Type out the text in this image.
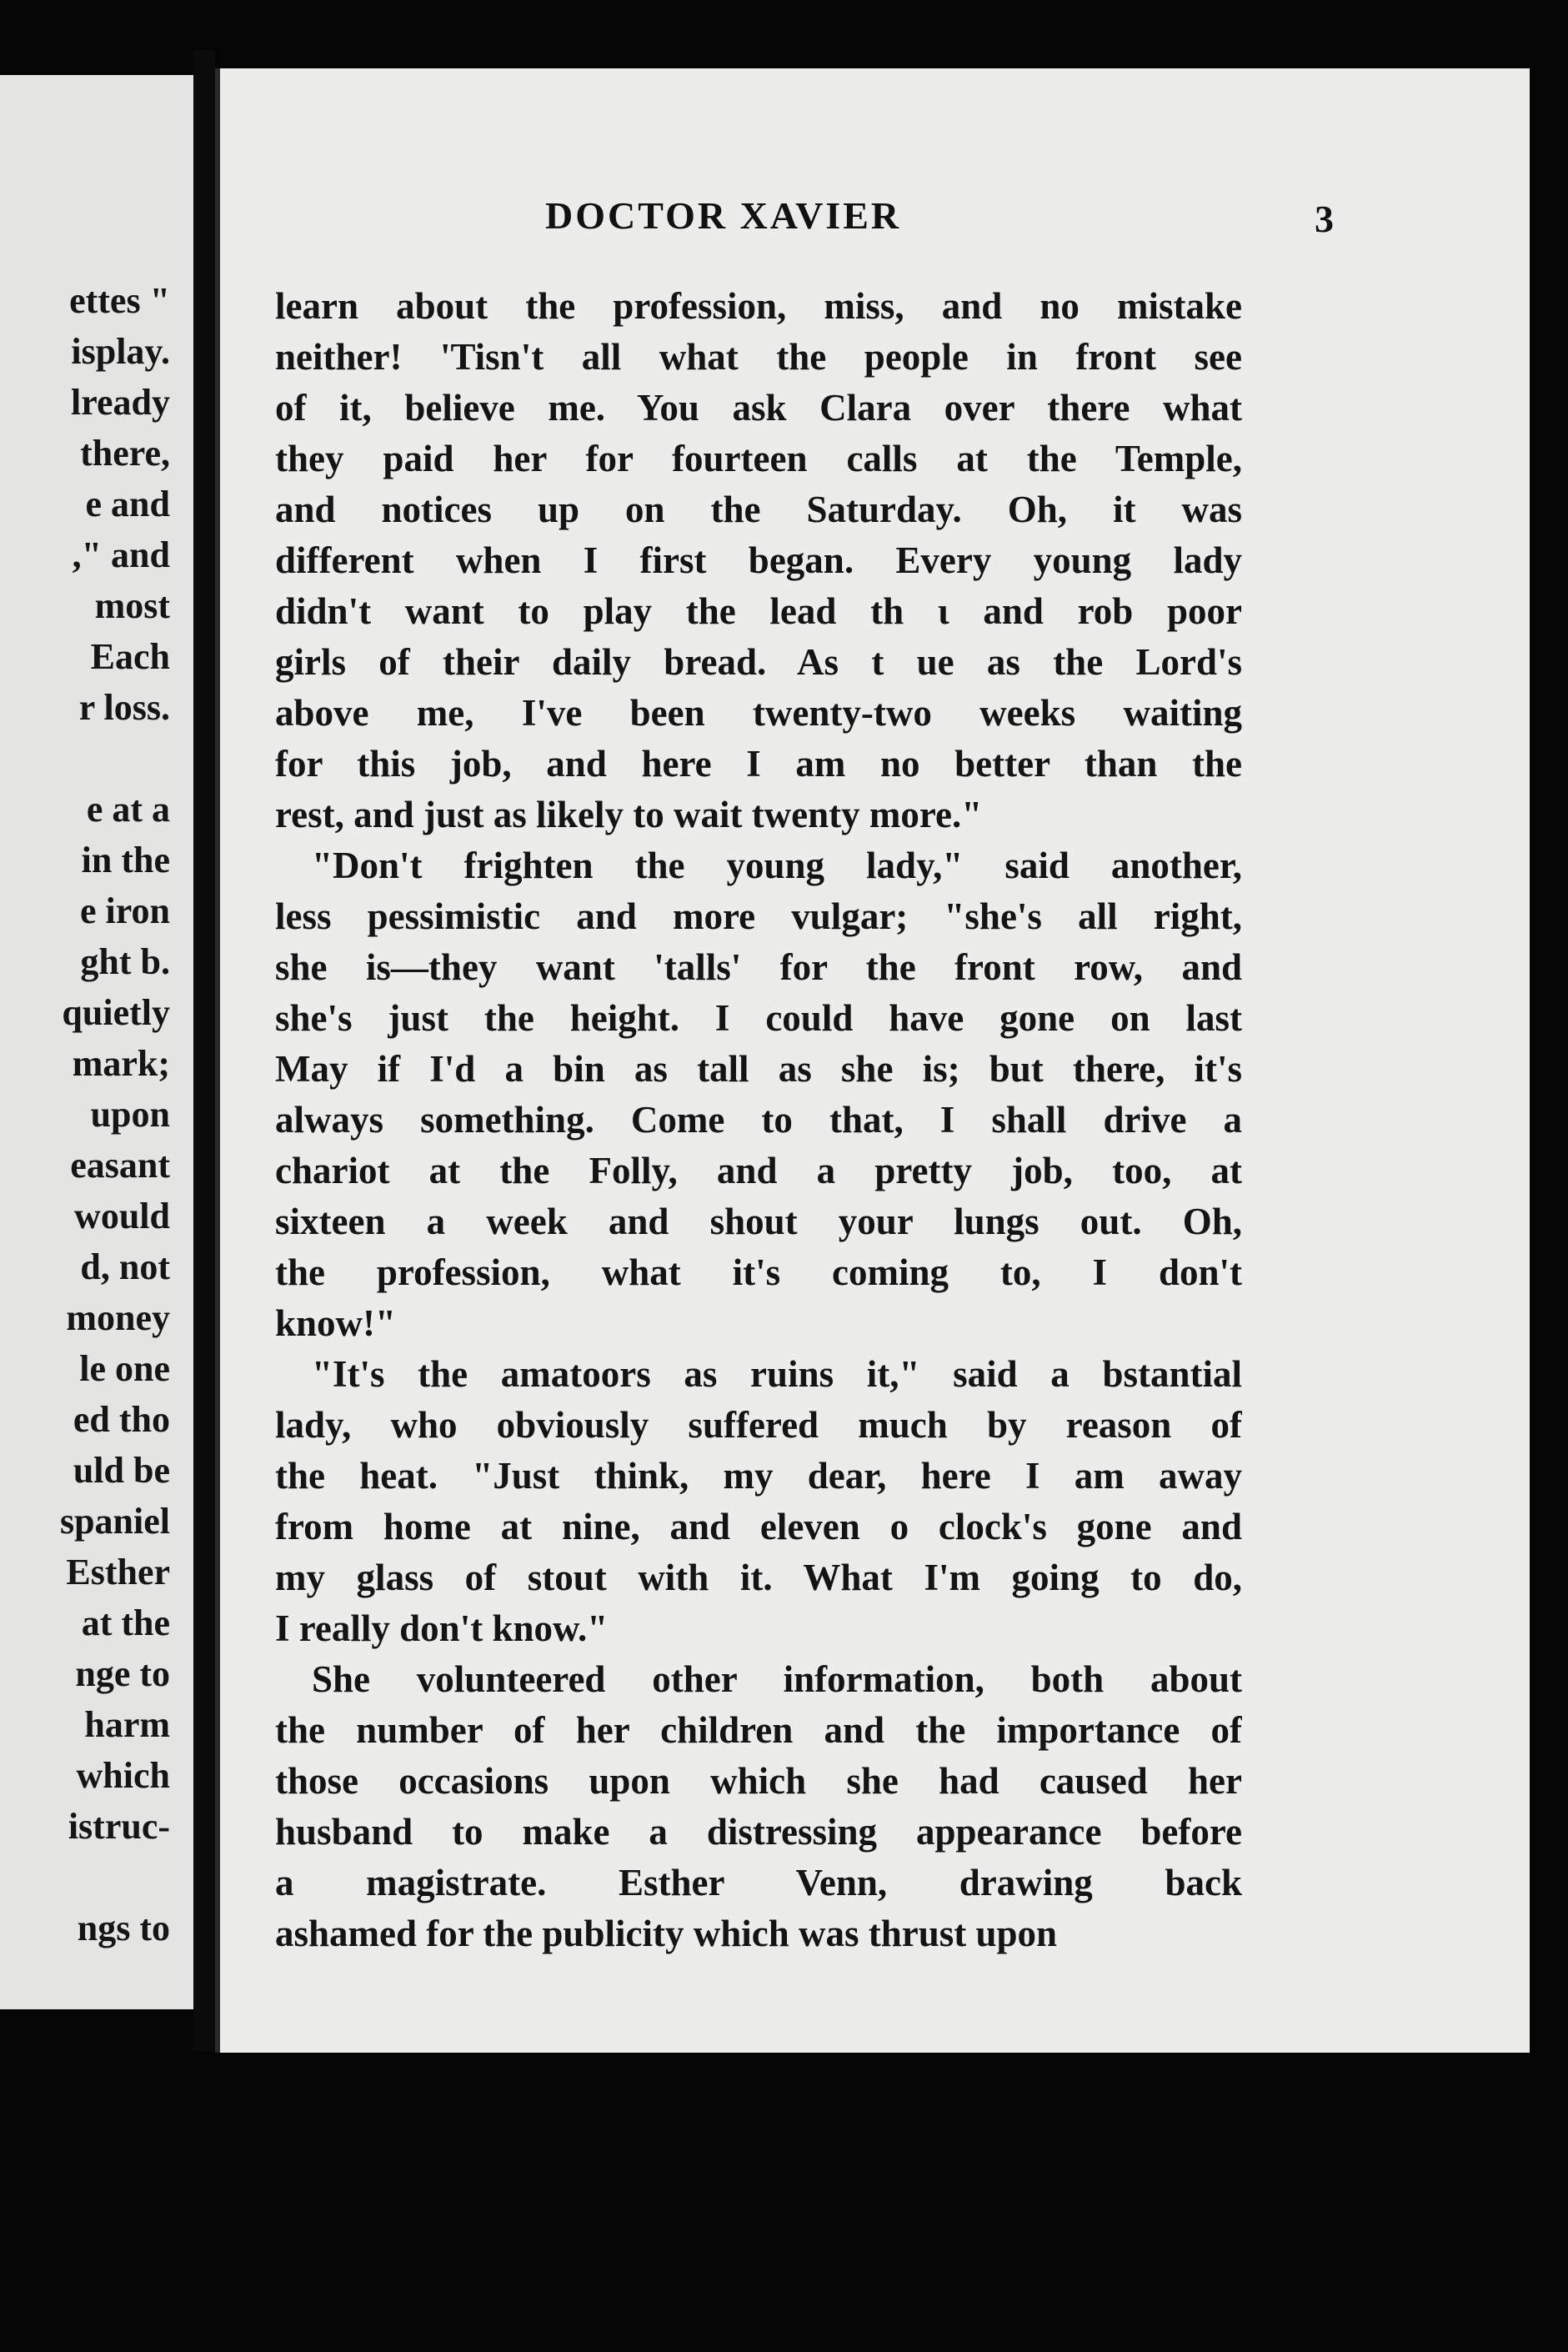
ettes "
isplay.
lready
there,
e and
," and
most
Each
r loss.
e at a
in the
e iron
ght b.
quietly
mark;
upon
easant
would
d, not
money
le one
ed tho
uld be
spaniel
Esther
at the
nge to
harm
which
istruc-
ngs to
DOCTOR XAVIER	3
learn about the profession, miss, and no mistake
neither! 'Tisn't all what the people in front see
of it, believe me. You ask Clara over there what
they paid her for fourteen calls at the Temple,
and notices up on the Saturday. Oh, it was
different when I first began. Every young lady
didn't want to play the lead th ι and rob poor
girls of their daily bread. As t ue as the Lord's
above me, I've been twenty-two weeks waiting
for this job, and here I am no better than the
rest, and just as likely to wait twenty more."
"Don't frighten the young lady," said another,
less pessimistic and more vulgar; "she's all right,
she is—they want 'talls' for the front row, and
she's just the height. I could have gone on last
May if I'd a bin as tall as she is; but there, it's
always something. Come to that, I shall drive a
chariot at the Folly, and a pretty job, too, at
sixteen a week and shout your lungs out. Oh,
the profession, what it's coming to, I don't
know!"
"It's the amatoors as ruins it," said a bstantial
lady, who obviously suffered much by reason of
the heat. "Just think, my dear, here I am away
from home at nine, and eleven o clock's gone and
my glass of stout with it. What I'm going to do,
I really don't know."
She volunteered other information, both about
the number of her children and the importance of
those occasions upon which she had caused her
husband to make a distressing appearance before
a magistrate. Esther Venn, drawing back
ashamed for the publicity which was thrust upon
